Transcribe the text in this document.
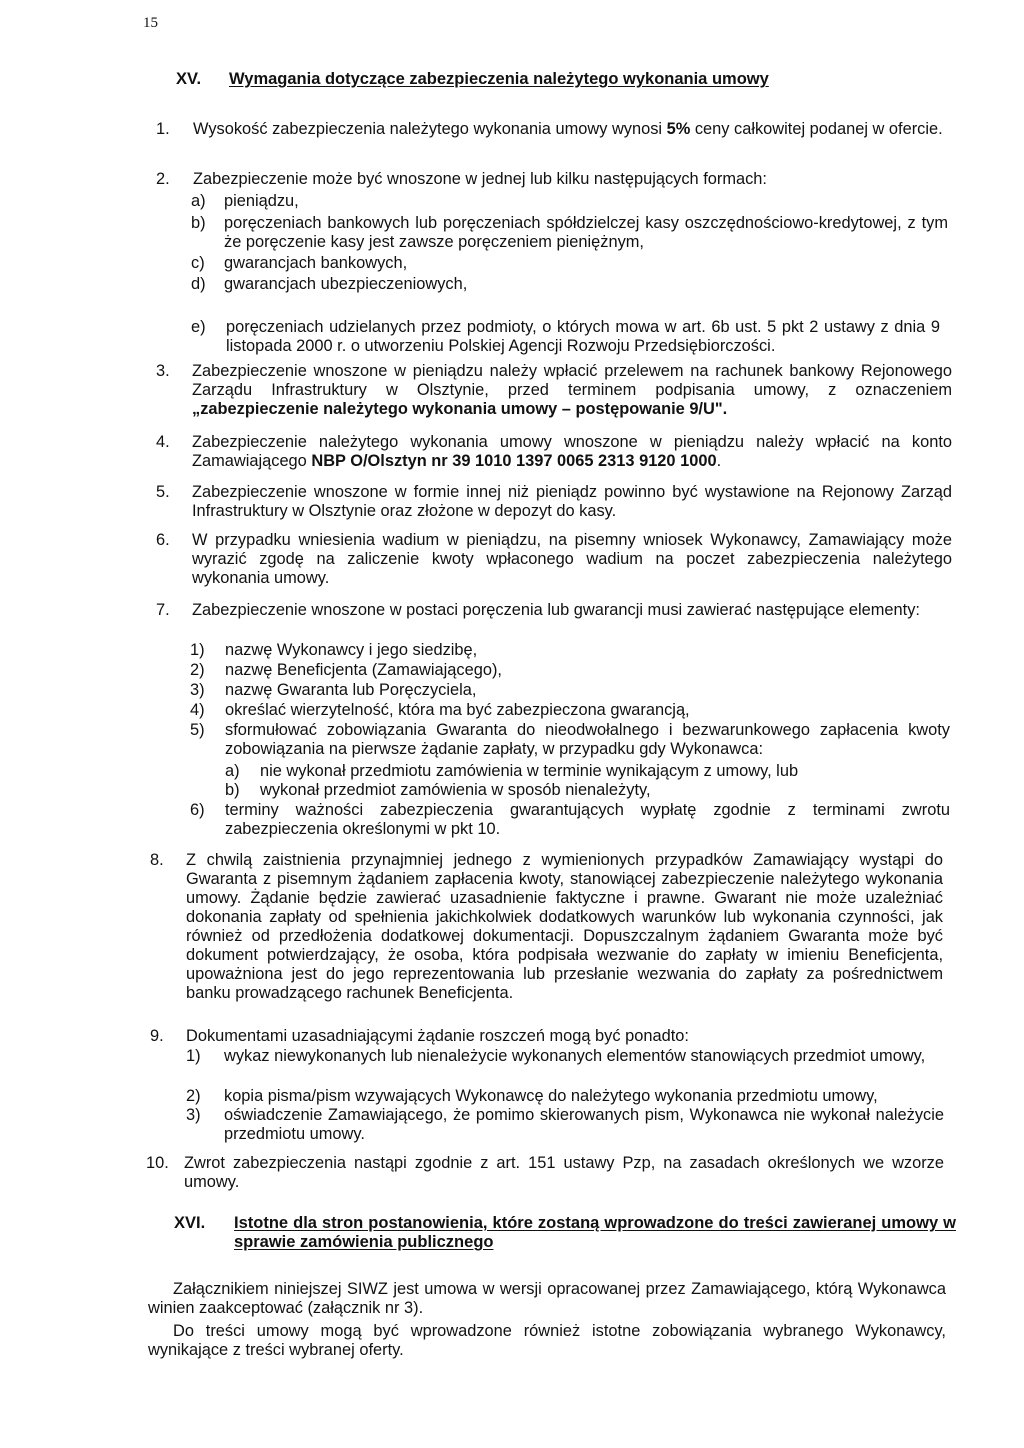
15
XV. Wymagania dotyczące zabezpieczenia należytego wykonania umowy
1. Wysokość zabezpieczenia należytego wykonania umowy wynosi 5% ceny całkowitej podanej w ofercie.

2. Zabezpieczenie może być wnoszone w jednej lub kilku następujących formach:

a) pieniądzu,
b) poręczeniach bankowych lub poręczeniach spółdzielczej kasy oszczędnościowo-kredytowej, z tym że poręczenie kasy jest zawsze poręczeniem pieniężnym,
c) gwarancjach bankowych,
d) gwarancjach ubezpieczeniowych,
e) poręczeniach udzielanych przez podmioty, o których mowa w art. 6b ust. 5 pkt 2 ustawy z dnia 9 listopada 2000 r. o utworzeniu Polskiej Agencji Rozwoju Przedsiębiorczości.
3. Zabezpieczenie wnoszone w pieniądzu należy wpłacić przelewem na rachunek bankowy Rejonowego Zarządu Infrastruktury w Olsztynie, przed terminem podpisania umowy, z oznaczeniem „zabezpieczenie należytego wykonania umowy – postępowanie 9/U".

4. Zabezpieczenie należytego wykonania umowy wnoszone w pieniądzu należy wpłacić na konto Zamawiającego NBP O/Olsztyn nr 39 1010 1397 0065 2313 9120 1000.

5. Zabezpieczenie wnoszone w formie innej niż pieniądz powinno być wystawione na Rejonowy Zarząd Infrastruktury w Olsztynie oraz złożone w depozyt do kasy.

6. W przypadku wniesienia wadium w pieniądzu, na pisemny wniosek Wykonawcy, Zamawiający może wyrazić zgodę na zaliczenie kwoty wpłaconego wadium na poczet zabezpieczenia należytego wykonania umowy.

7. Zabezpieczenie wnoszone w postaci poręczenia lub gwarancji musi zawierać następujące elementy:

1) nazwę Wykonawcy i jego siedzibę,
2) nazwę Beneficjenta (Zamawiającego),
3) nazwę Gwaranta lub Poręczyciela,
4) określać wierzytelność, która ma być zabezpieczona gwarancją,
5) sformułować zobowiązania Gwaranta do nieodwołalnego i bezwarunkowego zapłacenia kwoty zobowiązania na pierwsze żądanie zapłaty, w przypadku gdy Wykonawca:
a) nie wykonał przedmiotu zamówienia w terminie wynikającym z umowy, lub
b) wykonał przedmiot zamówienia w sposób nienależyty,
6) terminy ważności zabezpieczenia gwarantujących wypłatę zgodnie z terminami zwrotu zabezpieczenia określonymi w pkt 10.
8. Z chwilą zaistnienia przynajmniej jednego z wymienionych przypadków Zamawiający wystąpi do Gwaranta z pisemnym żądaniem zapłacenia kwoty, stanowiącej zabezpieczenie należytego wykonania umowy. Żądanie będzie zawierać uzasadnienie faktyczne i prawne. Gwarant nie może uzależniać dokonania zapłaty od spełnienia jakichkolwiek dodatkowych warunków lub wykonania czynności, jak również od przedłożenia dodatkowej dokumentacji. Dopuszczalnym żądaniem Gwaranta może być dokument potwierdzający, że osoba, która podpisała wezwanie do zapłaty w imieniu Beneficjenta, upoważniona jest do jego reprezentowania lub przesłanie wezwania do zapłaty za pośrednictwem banku prowadzącego rachunek Beneficjenta.

9. Dokumentami uzasadniającymi żądanie roszczeń mogą być ponadto:

1) wykaz niewykonanych lub nienależycie wykonanych elementów stanowiących przedmiot umowy,
2) kopia pisma/pism wzywających Wykonawcę do należytego wykonania przedmiotu umowy,
3) oświadczenie Zamawiającego, że pomimo skierowanych pism, Wykonawca nie wykonał należycie przedmiotu umowy.
10. Zwrot zabezpieczenia nastąpi zgodnie z art. 151 ustawy Pzp, na zasadach określonych we wzorze umowy.

XVI. Istotne dla stron postanowienia, które zostaną wprowadzone do treści zawieranej umowy w sprawie zamówienia publicznego

Załącznikiem niniejszej SIWZ jest umowa w wersji opracowanej przez Zamawiającego, którą Wykonawca winien zaakceptować (załącznik nr 3).

Do treści umowy mogą być wprowadzone również istotne zobowiązania wybranego Wykonawcy, wynikające z treści wybranej oferty.
